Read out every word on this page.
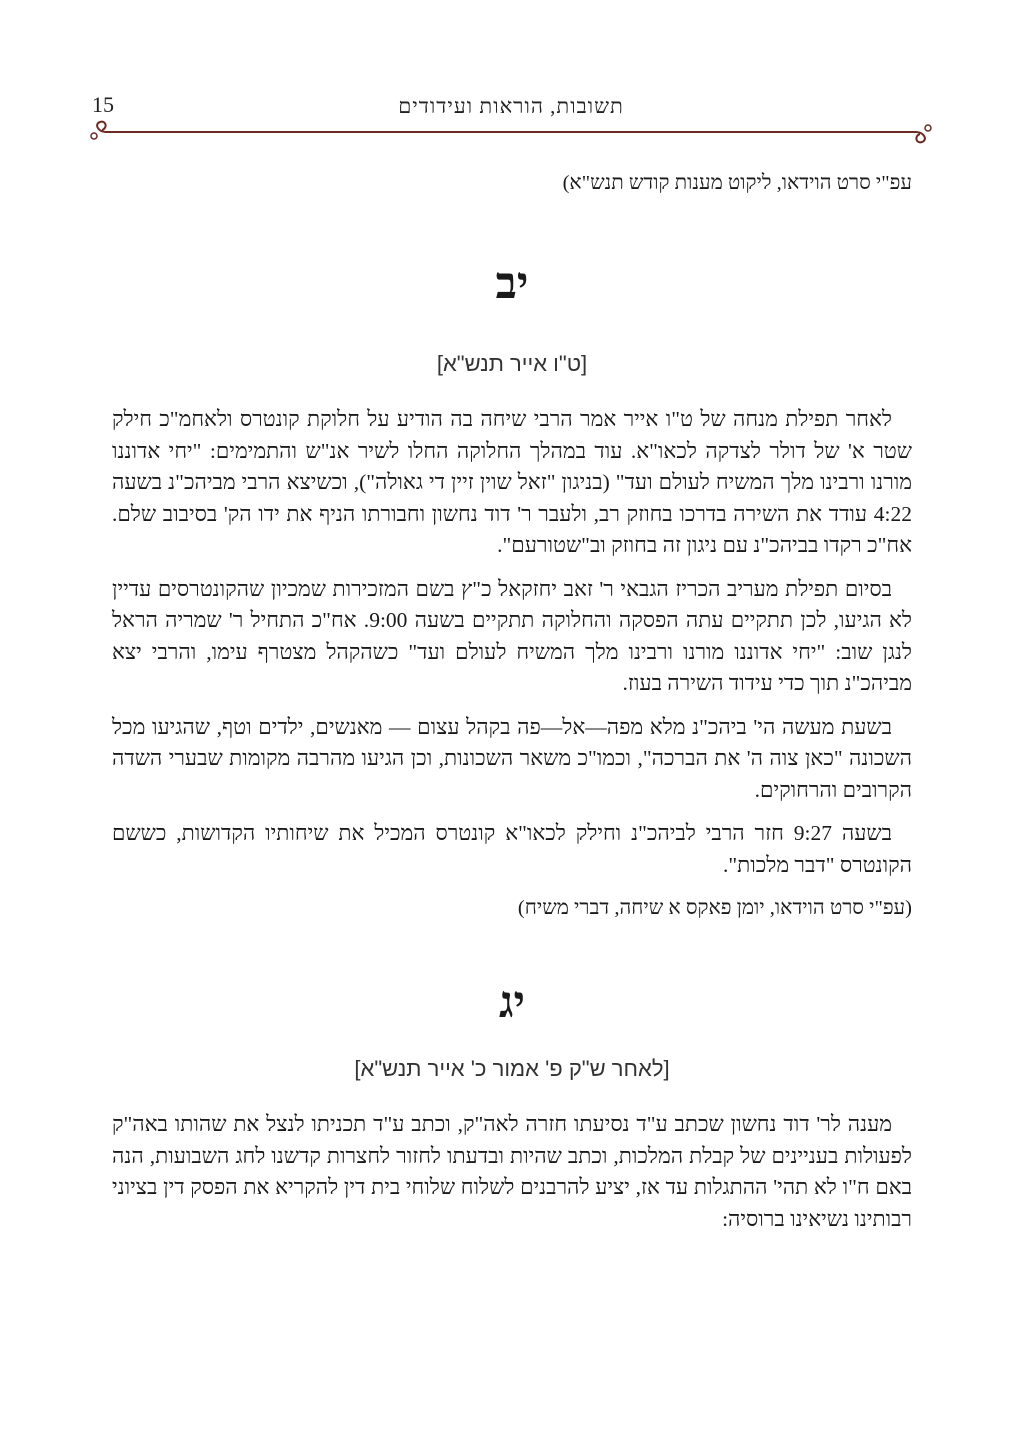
15	תשובות, הוראות ועידודים

עפ"י סרט הוידאו, ליקוט מענות קודש תנש"א)

יב
[ט"ו אייר תנש"א]

לאחר תפילת מנחה של ט"ו אייר אמר הרבי שיחה בה הודיע על חלוקת קונטרס ולאחמ"כ חילק שטר א' של דולר לצדקה לכאו"א. עוד במהלך החלוקה החלו לשיר אנ"ש והתמימים: "יחי אדוננו מורנו ורבינו מלך המשיח לעולם ועד" (בניגון "זאל שוין זיין די גאולה"), וכשיצא הרבי מביהכ"נ בשעה 4:22 עודד את השירה בדרכו בחוזק רב, ולעבר ר' דוד נחשון וחבורתו הניף את ידו הק' בסיבוב שלם. אח"כ רקדו בביהכ"נ עם ניגון זה בחוזק וב"שטורעם".

בסיום תפילת מעריב הכריז הגבאי ר' זאב יחזקאל כ"ץ בשם המזכירות שמכיון שהקונטרסים עדיין לא הגיעו, לכן תתקיים עתה הפסקה והחלוקה תתקיים בשעה 9:00. אח"כ התחיל ר' שמריה הראל לנגן שוב: "יחי אדוננו מורנו ורבינו מלך המשיח לעולם ועד" כשהקהל מצטרף עימו, והרבי יצא מביהכ"נ תוך כדי עידוד השירה בעוז.

בשעת מעשה הי' ביהכ"נ מלא מפה—אל—פה בקהל עצום — מאנשים, ילדים וטף, שהגיעו מכל השכונה "כאן צוה ה' את הברכה", וכמו"כ משאר השכונות, וכן הגיעו מהרבה מקומות שבערי השדה הקרובים והרחוקים.

בשעה 9:27 חזר הרבי לביהכ"נ וחילק לכאו"א קונטרס המכיל את שיחותיו הקדושות, כששם הקונטרס "דבר מלכות".

(עפ"י סרט הוידאו, יומן פאקס א שיחה, דברי משיח)

יג
[לאחר ש"ק פ' אמור כ' אייר תנש"א]

מענה לר' דוד נחשון שכתב ע"ד נסיעתו חזרה לאה"ק, וכתב ע"ד תכניתו לנצל את שהותו באה"ק לפעולות בעניינים של קבלת המלכות, וכתב שהיות ובדעתו לחזור לחצרות קדשנו לחג השבועות, הנה באם ח"ו לא תהי' ההתגלות עד אז, יציע להרבנים לשלוח שלוחי בית דין להקריא את הפסק דין בציוני רבותינו נשיאינו ברוסיה:
